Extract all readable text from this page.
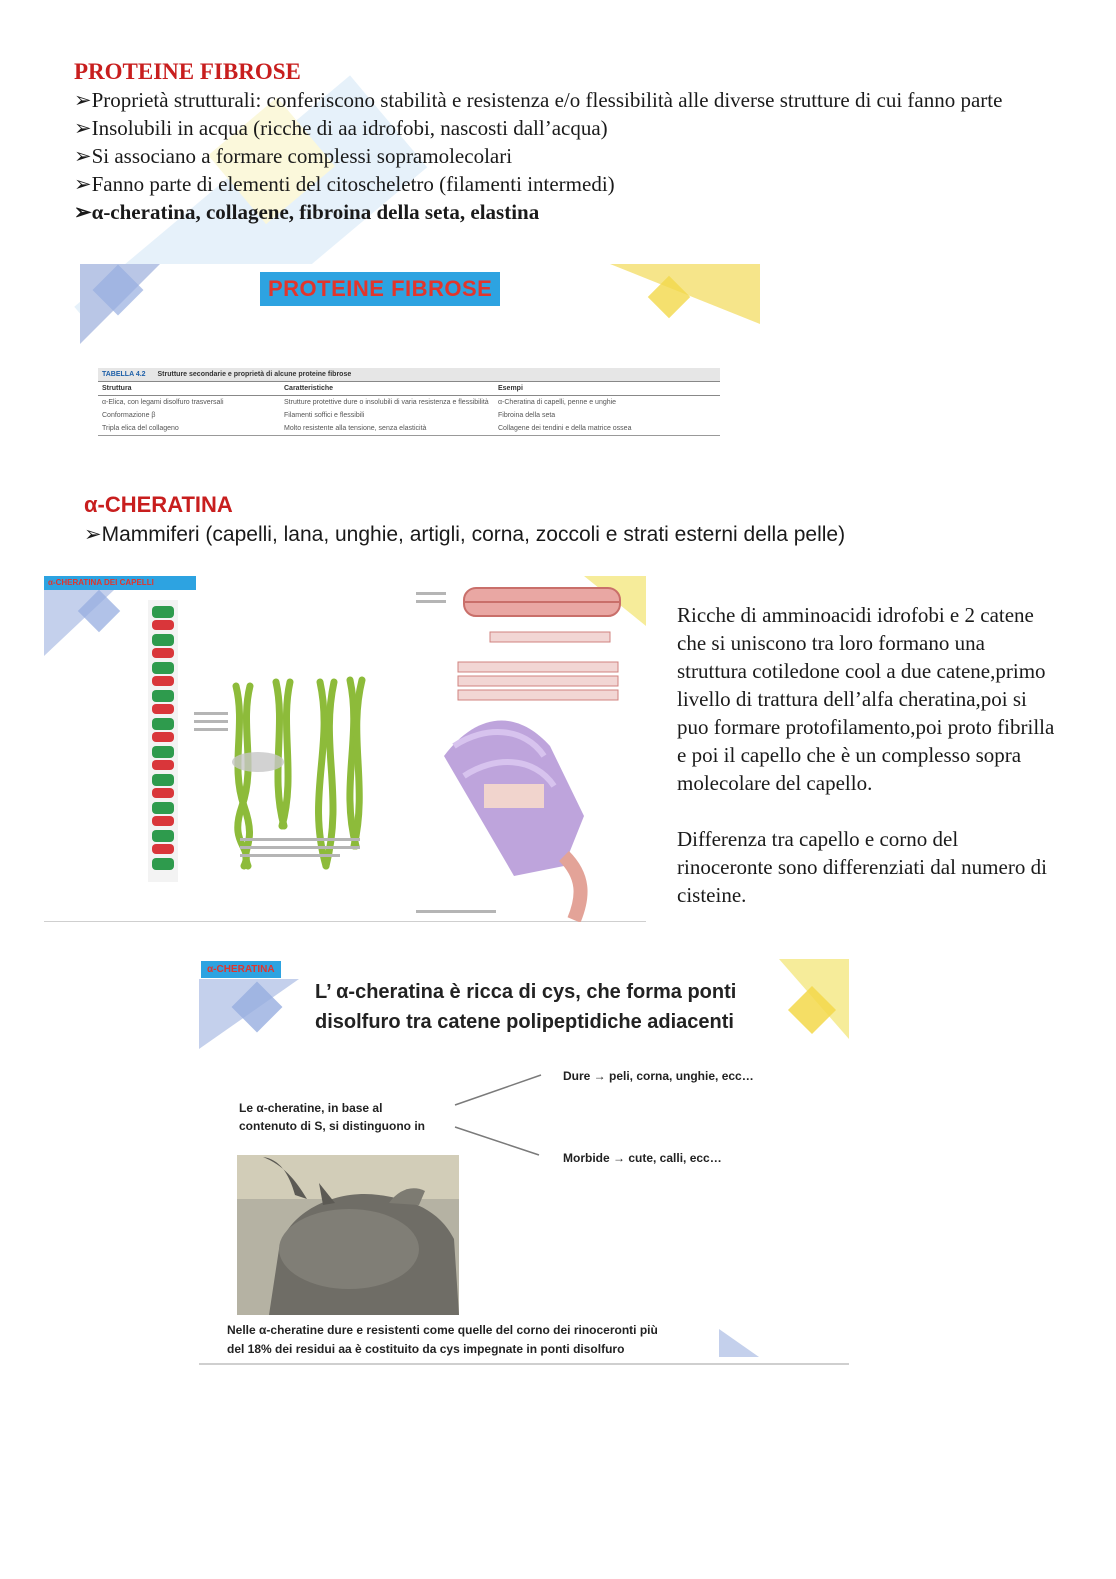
PROTEINE FIBROSE
➢Proprietà strutturali: conferiscono stabilità e resistenza e/o flessibilità alle diverse strutture di cui fanno parte
➢Insolubili in acqua (ricche di aa idrofobi, nascosti dall’acqua)
➢Si associano a formare complessi sopramolecolari
➢Fanno parte di elementi del citoscheletro (filamenti intermedi)
➢α-cheratina, collagene, fibroina della seta, elastina
PROTEINE FIBROSE
TABELLA 4.2 Strutture secondarie e proprietà di alcune proteine fibrose
Struttura	Caratteristiche	Esempi
α-Elica, con legami disolfuro trasversali	Strutture protettive dure o insolubili di varia resistenza e flessibilità	α-Cheratina di capelli, penne e unghie
Conformazione β	Filamenti soffici e flessibili	Fibroina della seta
Tripla elica del collageno	Molto resistente alla tensione, senza elasticità	Collagene dei tendini e della matrice ossea
α-CHERATINA
➢Mammiferi (capelli, lana, unghie, artigli, corna, zoccoli e strati esterni della pelle)
α-CHERATINA DEI CAPELLI

Ricche di amminoacidi idrofobi e 2 catene che si uniscono tra loro formano una struttura cotiledone cool a due catene,primo livello di trattura dell’alfa cheratina,poi si puo formare protofilamento,poi proto fibrilla e poi il capello che è un complesso sopra molecolare del capello.

Differenza tra capello e corno del rinoceronte sono differenziati dal numero di cisteine.

α-CHERATINA
L’ α-cheratina è ricca di cys, che forma ponti
disolfuro tra catene polipeptidiche adiacenti
Le α-cheratine, in base al
contenuto di S, si distinguono in
Dure → peli, corna, unghie, ecc…
Morbide → cute, calli, ecc…
Nelle α-cheratine dure e resistenti come quelle del corno dei rinoceronti più
del 18% dei residui aa è costituito da cys impegnate in ponti disolfuro
